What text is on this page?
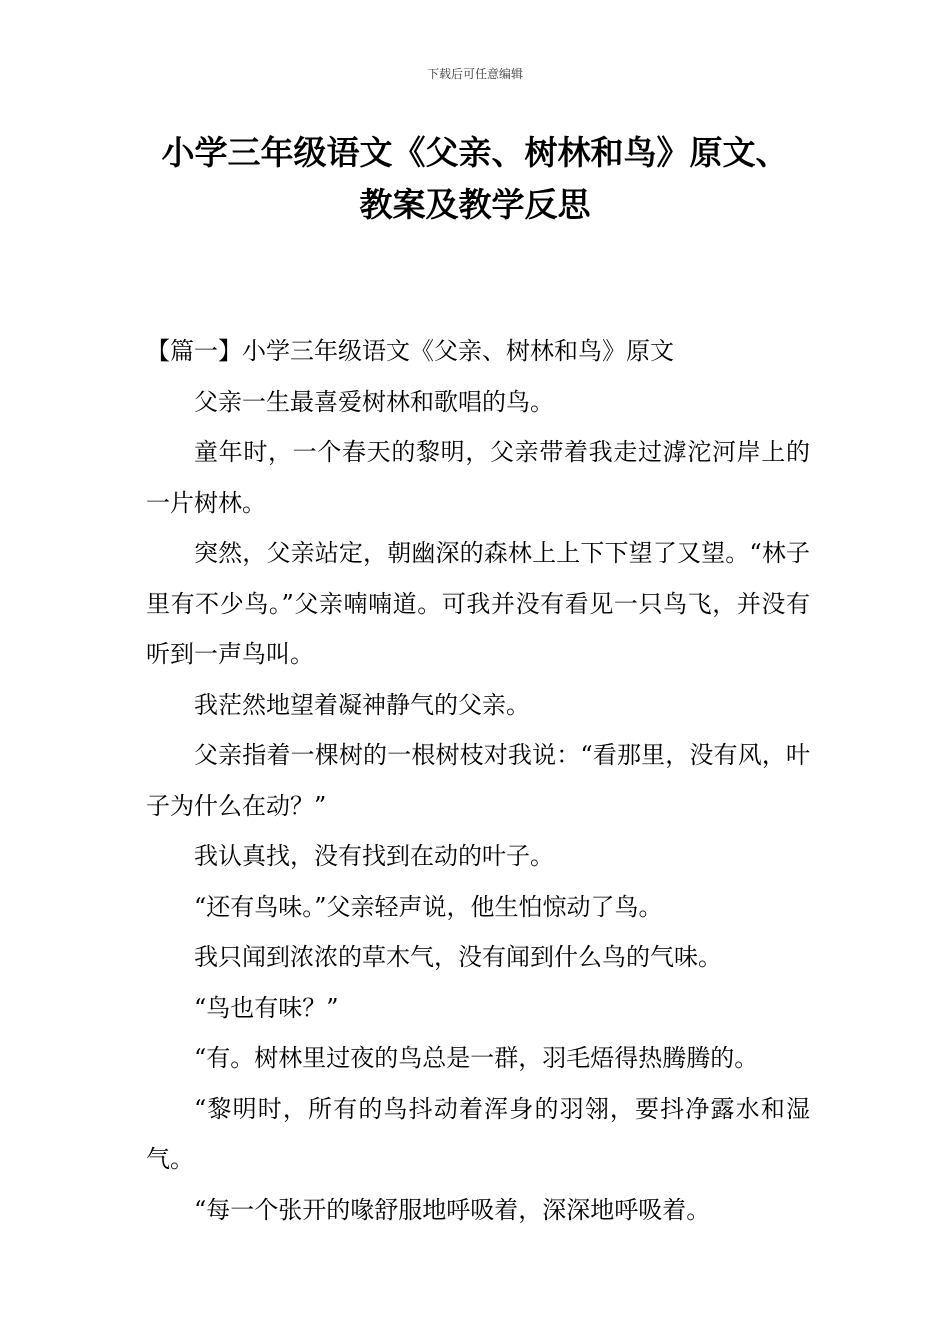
下载后可任意编辑
小学三年级语文《父亲、树林和鸟》原文、
教案及教学反思

【篇一】小学三年级语文《父亲、树林和鸟》原文

父亲一生最喜爱树林和歌唱的鸟。

童年时，一个春天的黎明，父亲带着我走过滹沱河岸上的一片树林。

突然，父亲站定，朝幽深的森林上上下下望了又望。“林子里有不少鸟。”父亲喃喃道。可我并没有看见一只鸟飞，并没有听到一声鸟叫。

我茫然地望着凝神静气的父亲。

父亲指着一棵树的一根树枝对我说：“看那里，没有风，叶子为什么在动？”

我认真找，没有找到在动的叶子。

“还有鸟味。”父亲轻声说，他生怕惊动了鸟。

我只闻到浓浓的草木气，没有闻到什么鸟的气味。

“鸟也有味？”

“有。树林里过夜的鸟总是一群，羽毛焐得热腾腾的。

“黎明时，所有的鸟抖动着浑身的羽翎，要抖净露水和湿气。

“每一个张开的喙舒服地呼吸着，深深地呼吸着。
